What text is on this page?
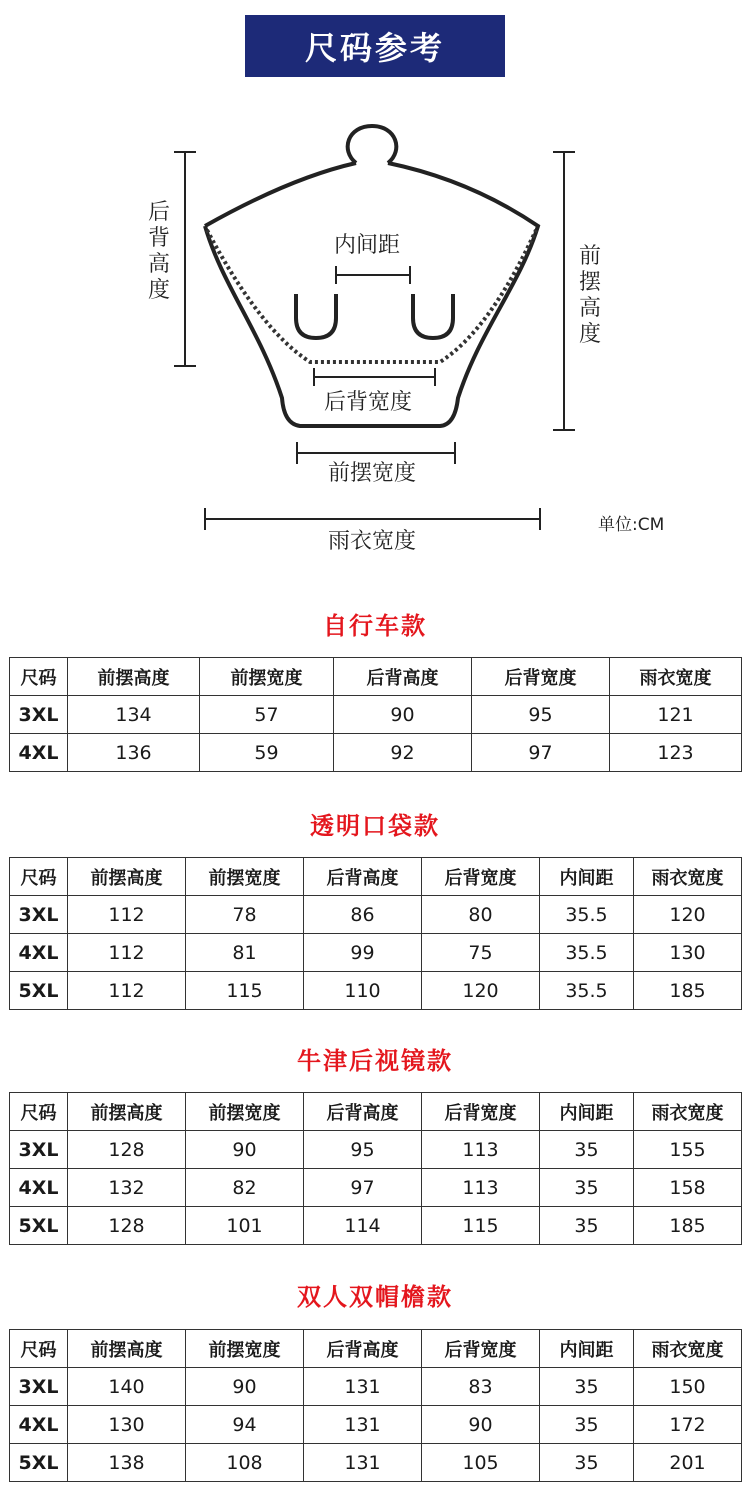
尺码参考
后背高度
前摆高度
内间距
后背宽度
前摆宽度
雨衣宽度
单位:CM
自行车款
尺码	前摆高度	前摆宽度	后背高度	后背宽度	雨衣宽度
3XL	134	57	90	95	121
4XL	136	59	92	97	123
透明口袋款
尺码	前摆高度	前摆宽度	后背高度	后背宽度	内间距	雨衣宽度
3XL	112	78	86	80	35.5	120
4XL	112	81	99	75	35.5	130
5XL	112	115	110	120	35.5	185
牛津后视镜款
尺码	前摆高度	前摆宽度	后背高度	后背宽度	内间距	雨衣宽度
3XL	128	90	95	113	35	155
4XL	132	82	97	113	35	158
5XL	128	101	114	115	35	185
双人双帽檐款
尺码	前摆高度	前摆宽度	后背高度	后背宽度	内间距	雨衣宽度
3XL	140	90	131	83	35	150
4XL	130	94	131	90	35	172
5XL	138	108	131	105	35	201
